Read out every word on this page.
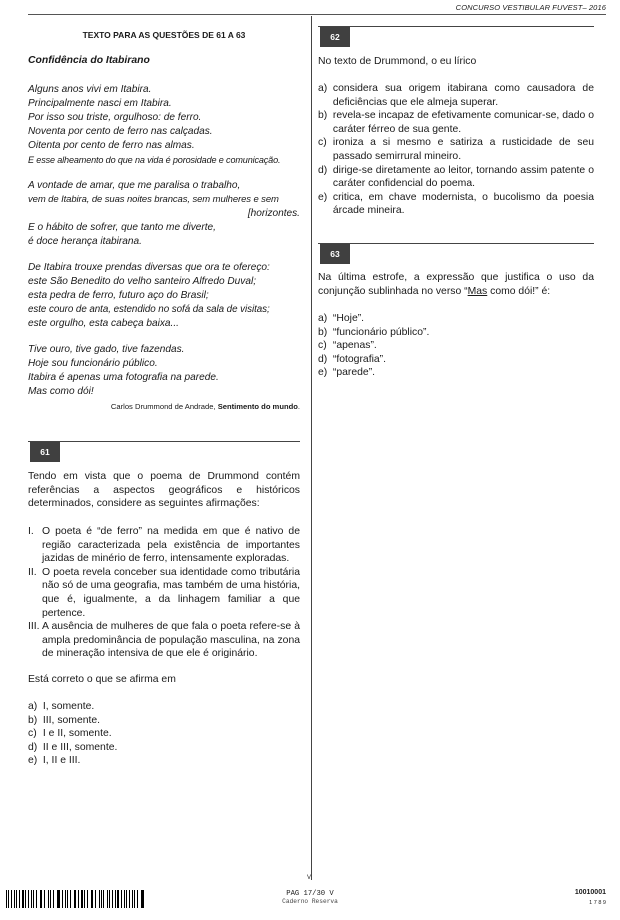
CONCURSO VESTIBULAR FUVEST– 2016
V
TEXTO PARA AS QUESTÕES DE 61 A 63
Confidência do Itabirano
Alguns anos vivi em Itabira.
Principalmente nasci em Itabira.
Por isso sou triste, orgulhoso: de ferro.
Noventa por cento de ferro nas calçadas.
Oitenta por cento de ferro nas almas.
E esse alheamento do que na vida é porosidade e comunicação.
A vontade de amar, que me paralisa o trabalho,
vem de Itabira, de suas noites brancas, sem mulheres e sem
[horizontes.
E o hábito de sofrer, que tanto me diverte,
é doce herança itabirana.
De Itabira trouxe prendas diversas que ora te ofereço:
este São Benedito do velho santeiro Alfredo Duval;
esta pedra de ferro, futuro aço do Brasil;
este couro de anta, estendido no sofá da sala de visitas;
este orgulho, esta cabeça baixa...
Tive ouro, tive gado, tive fazendas.
Hoje sou funcionário público.
Itabira é apenas uma fotografia na parede.
Mas como dói!
Carlos Drummond de Andrade, Sentimento do mundo.
61
Tendo em vista que o poema de Drummond contém referências a aspectos geográficos e históricos determinados, considere as seguintes afirmações:
I. O poeta é “de ferro” na medida em que é nativo de região caracterizada pela existência de importantes jazidas de minério de ferro, intensamente exploradas.
II. O poeta revela conceber sua identidade como tributária não só de uma geografia, mas também de uma história, que é, igualmente, a da linhagem familiar a que pertence.
III. A ausência de mulheres de que fala o poeta refere-se à ampla predominância de população masculina, na zona de mineração intensiva de que ele é originário.
Está correto o que se afirma em
a)
I, somente.
b)
III, somente.
c)
I e II, somente.
d)
II e III, somente.
e)
I, II e III.
62
No texto de Drummond, o eu lírico
a)
considera sua origem itabirana como causadora de deficiências que ele almeja superar.
b)
revela-se incapaz de efetivamente comunicar-se, dado o caráter férreo de sua gente.
c)
ironiza a si mesmo e satiriza a rusticidade de seu passado semirrural mineiro.
d)
dirige-se diretamente ao leitor, tornando assim patente o caráter confidencial do poema.
e)
critica, em chave modernista, o bucolismo da poesia árcade mineira.
63
Na última estrofe, a expressão que justifica o uso da conjunção sublinhada no verso “Mas como dói!” é:
a)
“Hoje”.
b)
“funcionário público”.
c)
“apenas”.
d)
“fotografia”.
e)
“parede”.
PAG 17/30 V
Caderno Reserva
10010001
1 7 8 9
